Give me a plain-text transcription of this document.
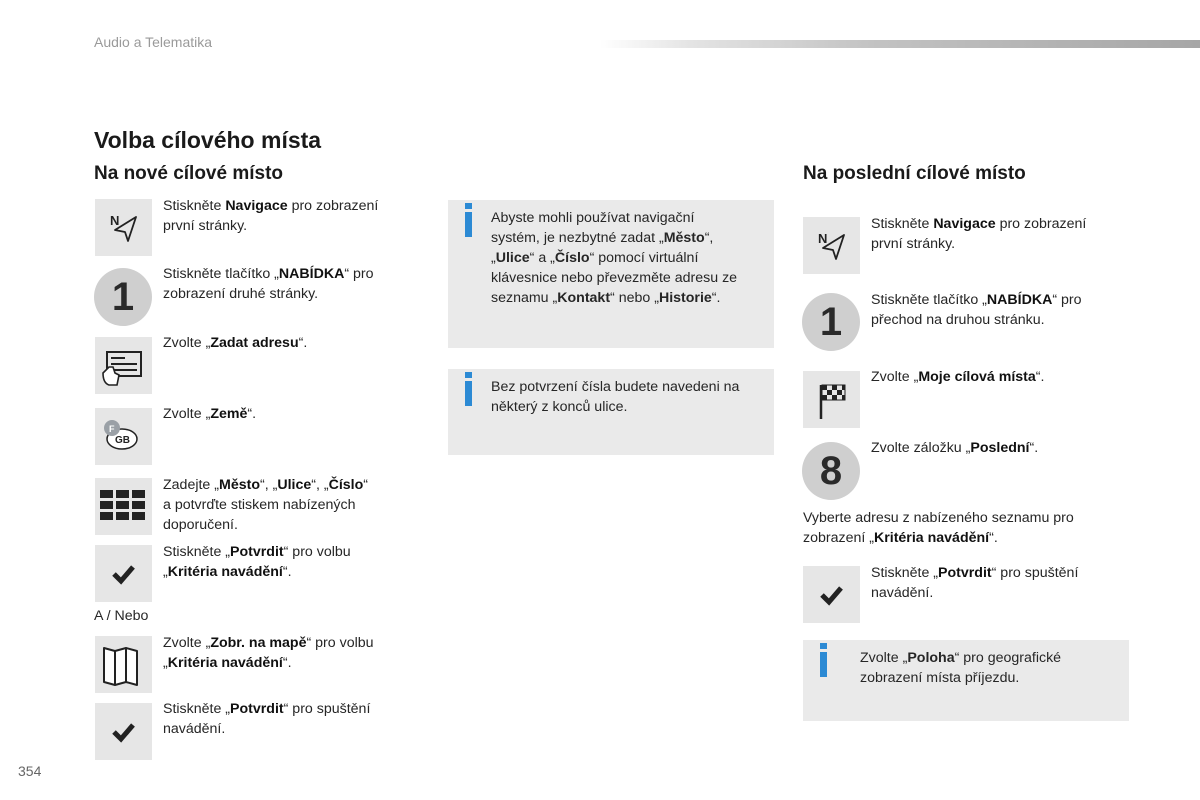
Audio a Telematika
Volba cílového místa
Na nové cílové místo
N
Stiskněte Navigace pro zobrazení
první stránky.
1
Stiskněte tlačítko „NABÍDKA“ pro
zobrazení druhé stránky.
Zvolte „Zadat adresu“.
F
GB
Zvolte „Země“.
Zadejte „Město“, „Ulice“, „Číslo“
a potvrďte stiskem nabízených
doporučení.
Stiskněte „Potvrdit“ pro volbu
„Kritéria navádění“.
A / Nebo
Zvolte „Zobr. na mapě“ pro volbu
„Kritéria navádění“.
Stiskněte „Potvrdit“ pro spuštění
navádění.
Abyste mohli používat navigační
systém, je nezbytné zadat „Město“,
„Ulice“ a „Číslo“ pomocí virtuální
klávesnice nebo převezměte adresu ze
seznamu „Kontakt“ nebo „Historie“.
Bez potvrzení čísla budete navedeni na
některý z konců ulice.
Na poslední cílové místo
N
Stiskněte Navigace pro zobrazení
první stránky.
1	Stiskněte tlačítko „NABÍDKA“ pro
přechod na druhou stránku.
Zvolte „Moje cílová místa“.
8
Zvolte záložku „Poslední“.
Vyberte adresu z nabízeného seznamu pro
zobrazení „Kritéria navádění“.
Stiskněte „Potvrdit“ pro spuštění
navádění.
Zvolte „Poloha“ pro geografické
zobrazení místa příjezdu.
354
